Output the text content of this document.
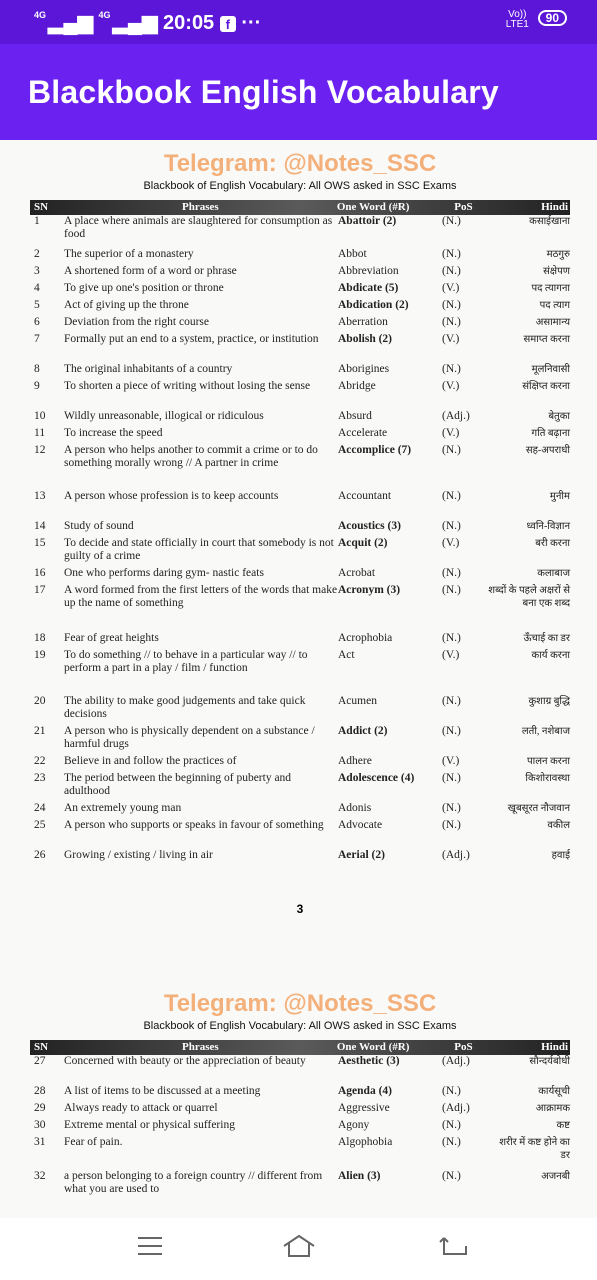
$^{4G}$ ▂▄▆ $^{4G}$ ▂▄▆ 20:05 f ···	Vo))
LTE1 90
Blackbook English Vocabulary
Telegram: @Notes_SSC
Blackbook of English Vocabulary: All OWS asked in SSC Exams
SN	Phrases	One Word (#R)	PoS	Hindi
1	A place where animals are slaughtered for consumption as food
Abattoir (2)	(N.)	कसाईखाना
2	The superior of a monastery	Abbot	(N.)	मठगुरु
3	A shortened form of a word or phrase	Abbreviation	(N.)	संक्षेपण
4	To give up one's position or throne	Abdicate (5)	(V.)	पद त्यागना
5	Act of giving up the throne	Abdication (2)	(N.)	पद त्याग
6	Deviation from the right course	Aberration	(N.)	असामान्य
7	Formally put an end to a system, practice, or institution	Abolish (2)	(V.)	समाप्त करना
8	The original inhabitants of a country	Aborigines	(N.)	मूलनिवासी
9	To shorten a piece of writing without losing the sense	Abridge	(V.)	संक्षिप्त करना
10	Wildly unreasonable, illogical or ridiculous	Absurd	(Adj.)	बेतुका
11	To increase the speed	Accelerate	(V.)	गति बढ़ाना
12	A person who helps another to commit a crime or to do something morally wrong // A partner in crime
Accomplice (7)	(N.)	सह-अपराधी
13	A person whose profession is to keep accounts	Accountant	(N.)	मुनीम
14	Study of sound	Acoustics (3)	(N.)	ध्वनि-विज्ञान
15	To decide and state officially in court that somebody is not guilty of a crime
Acquit (2)	(V.)	बरी करना
16	One who performs daring gym- nastic feats	Acrobat	(N.)	कलाबाज
17	A word formed from the first letters of the words that make up the name of something
Acronym (3)	(N.)	शब्दों के पहले अक्षरों से बना एक शब्द
18	Fear of great heights	Acrophobia	(N.)	ऊँचाई का डर
19	To do something // to behave in a particular way // to perform a part in a play / film / function
Act	(V.)	कार्य करना
20	The ability to make good judgements and take quick decisions
Acumen	(N.)	कुशाग्र बुद्धि
21	A person who is physically dependent on a substance / harmful drugs
Addict (2)	(N.)	लती, नशेबाज
22	Believe in and follow the practices of	Adhere	(V.)	पालन करना
23	The period between the beginning of puberty and adulthood
Adolescence (4)	(N.)	किशोरावस्था
24	An extremely young man	Adonis	(N.)	खूबसूरत नौजवान
25	A person who supports or speaks in favour of something	Advocate	(N.)	वकील
26	Growing / existing / living in air	Aerial (2)	(Adj.)	हवाई
3
Telegram: @Notes_SSC
Blackbook of English Vocabulary: All OWS asked in SSC Exams
SN	Phrases	One Word (#R)	PoS	Hindi
27	Concerned with beauty or the appreciation of beauty	Aesthetic (3)	(Adj.)	सौन्दर्यबोधी
28	A list of items to be discussed at a meeting	Agenda (4)	(N.)	कार्यसूची
29	Always ready to attack or quarrel	Aggressive	(Adj.)	आक्रामक
30	Extreme mental or physical suffering	Agony	(N.)	कष्ट
31	Fear of pain.	Algophobia	(N.)	शरीर में कष्ट होने का डर
32	a person belonging to a foreign country // different from what you are used to
Alien (3)	(N.)	अजनबी
